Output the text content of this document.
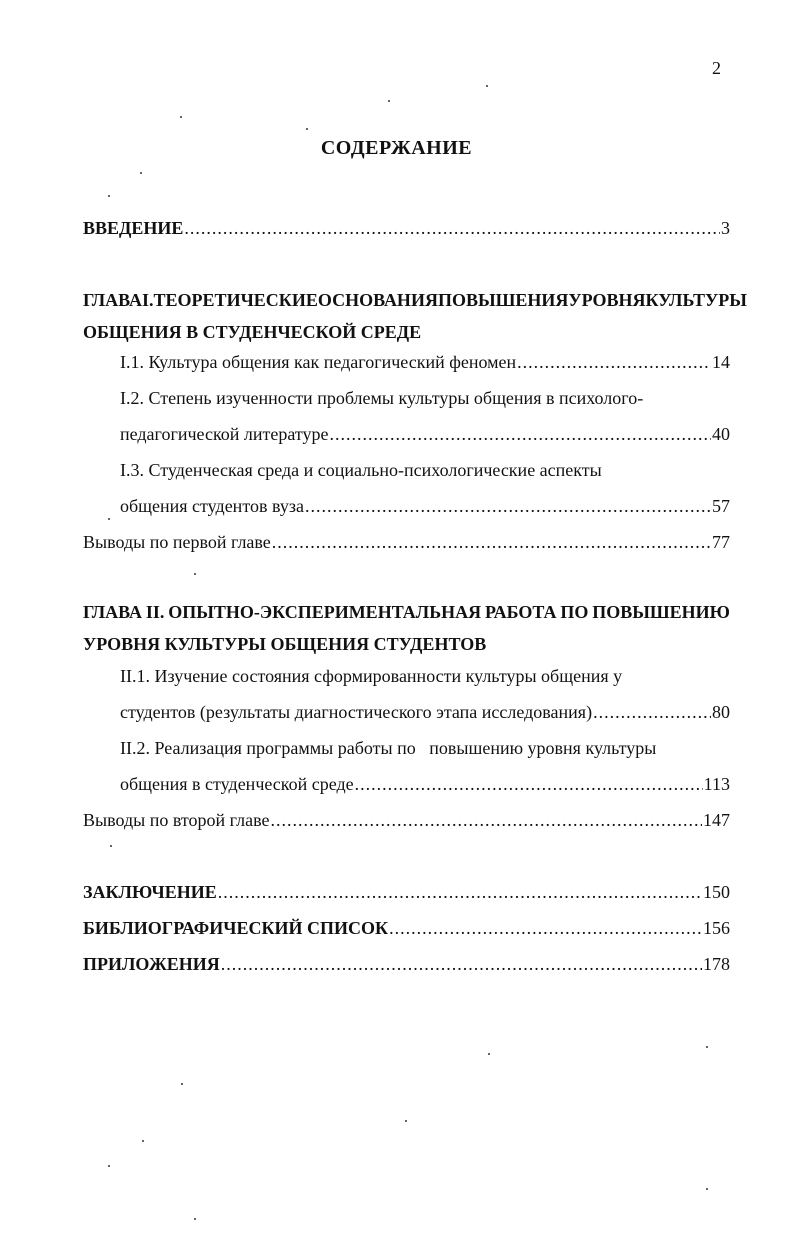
2
СОДЕРЖАНИЕ
ВВЕДЕНИЕ .....	3
ГЛАВА I. ТЕОРЕТИЧЕСКИЕ ОСНОВАНИЯ ПОВЫШЕНИЯ УРОВНЯ КУЛЬТУРЫ
ОБЩЕНИЯ В СТУДЕНЧЕСКОЙ СРЕДЕ
I.1. Культура общения как педагогический феномен .....	14
I.2. Степень изученности проблемы культуры общения в психолого-
педагогической литературе .....	40
I.3. Студенческая среда и социально-психологические аспекты
общения студентов вуза .....	57
Выводы по первой главе .....	77
ГЛАВА II. ОПЫТНО-ЭКСПЕРИМЕНТАЛЬНАЯ РАБОТА ПО ПОВЫШЕНИЮ
УРОВНЯ КУЛЬТУРЫ ОБЩЕНИЯ СТУДЕНТОВ
II.1. Изучение состояния сформированности культуры общения у
студентов (результаты диагностического этапа исследования) .....	80
II.2. Реализация программы работы по   повышению уровня культуры
общения в студенческой среде .....	113
Выводы по второй главе .....	147
ЗАКЛЮЧЕНИЕ .....	150
БИБЛИОГРАФИЧЕСКИЙ СПИСОК .....	156
ПРИЛОЖЕНИЯ .....	178
